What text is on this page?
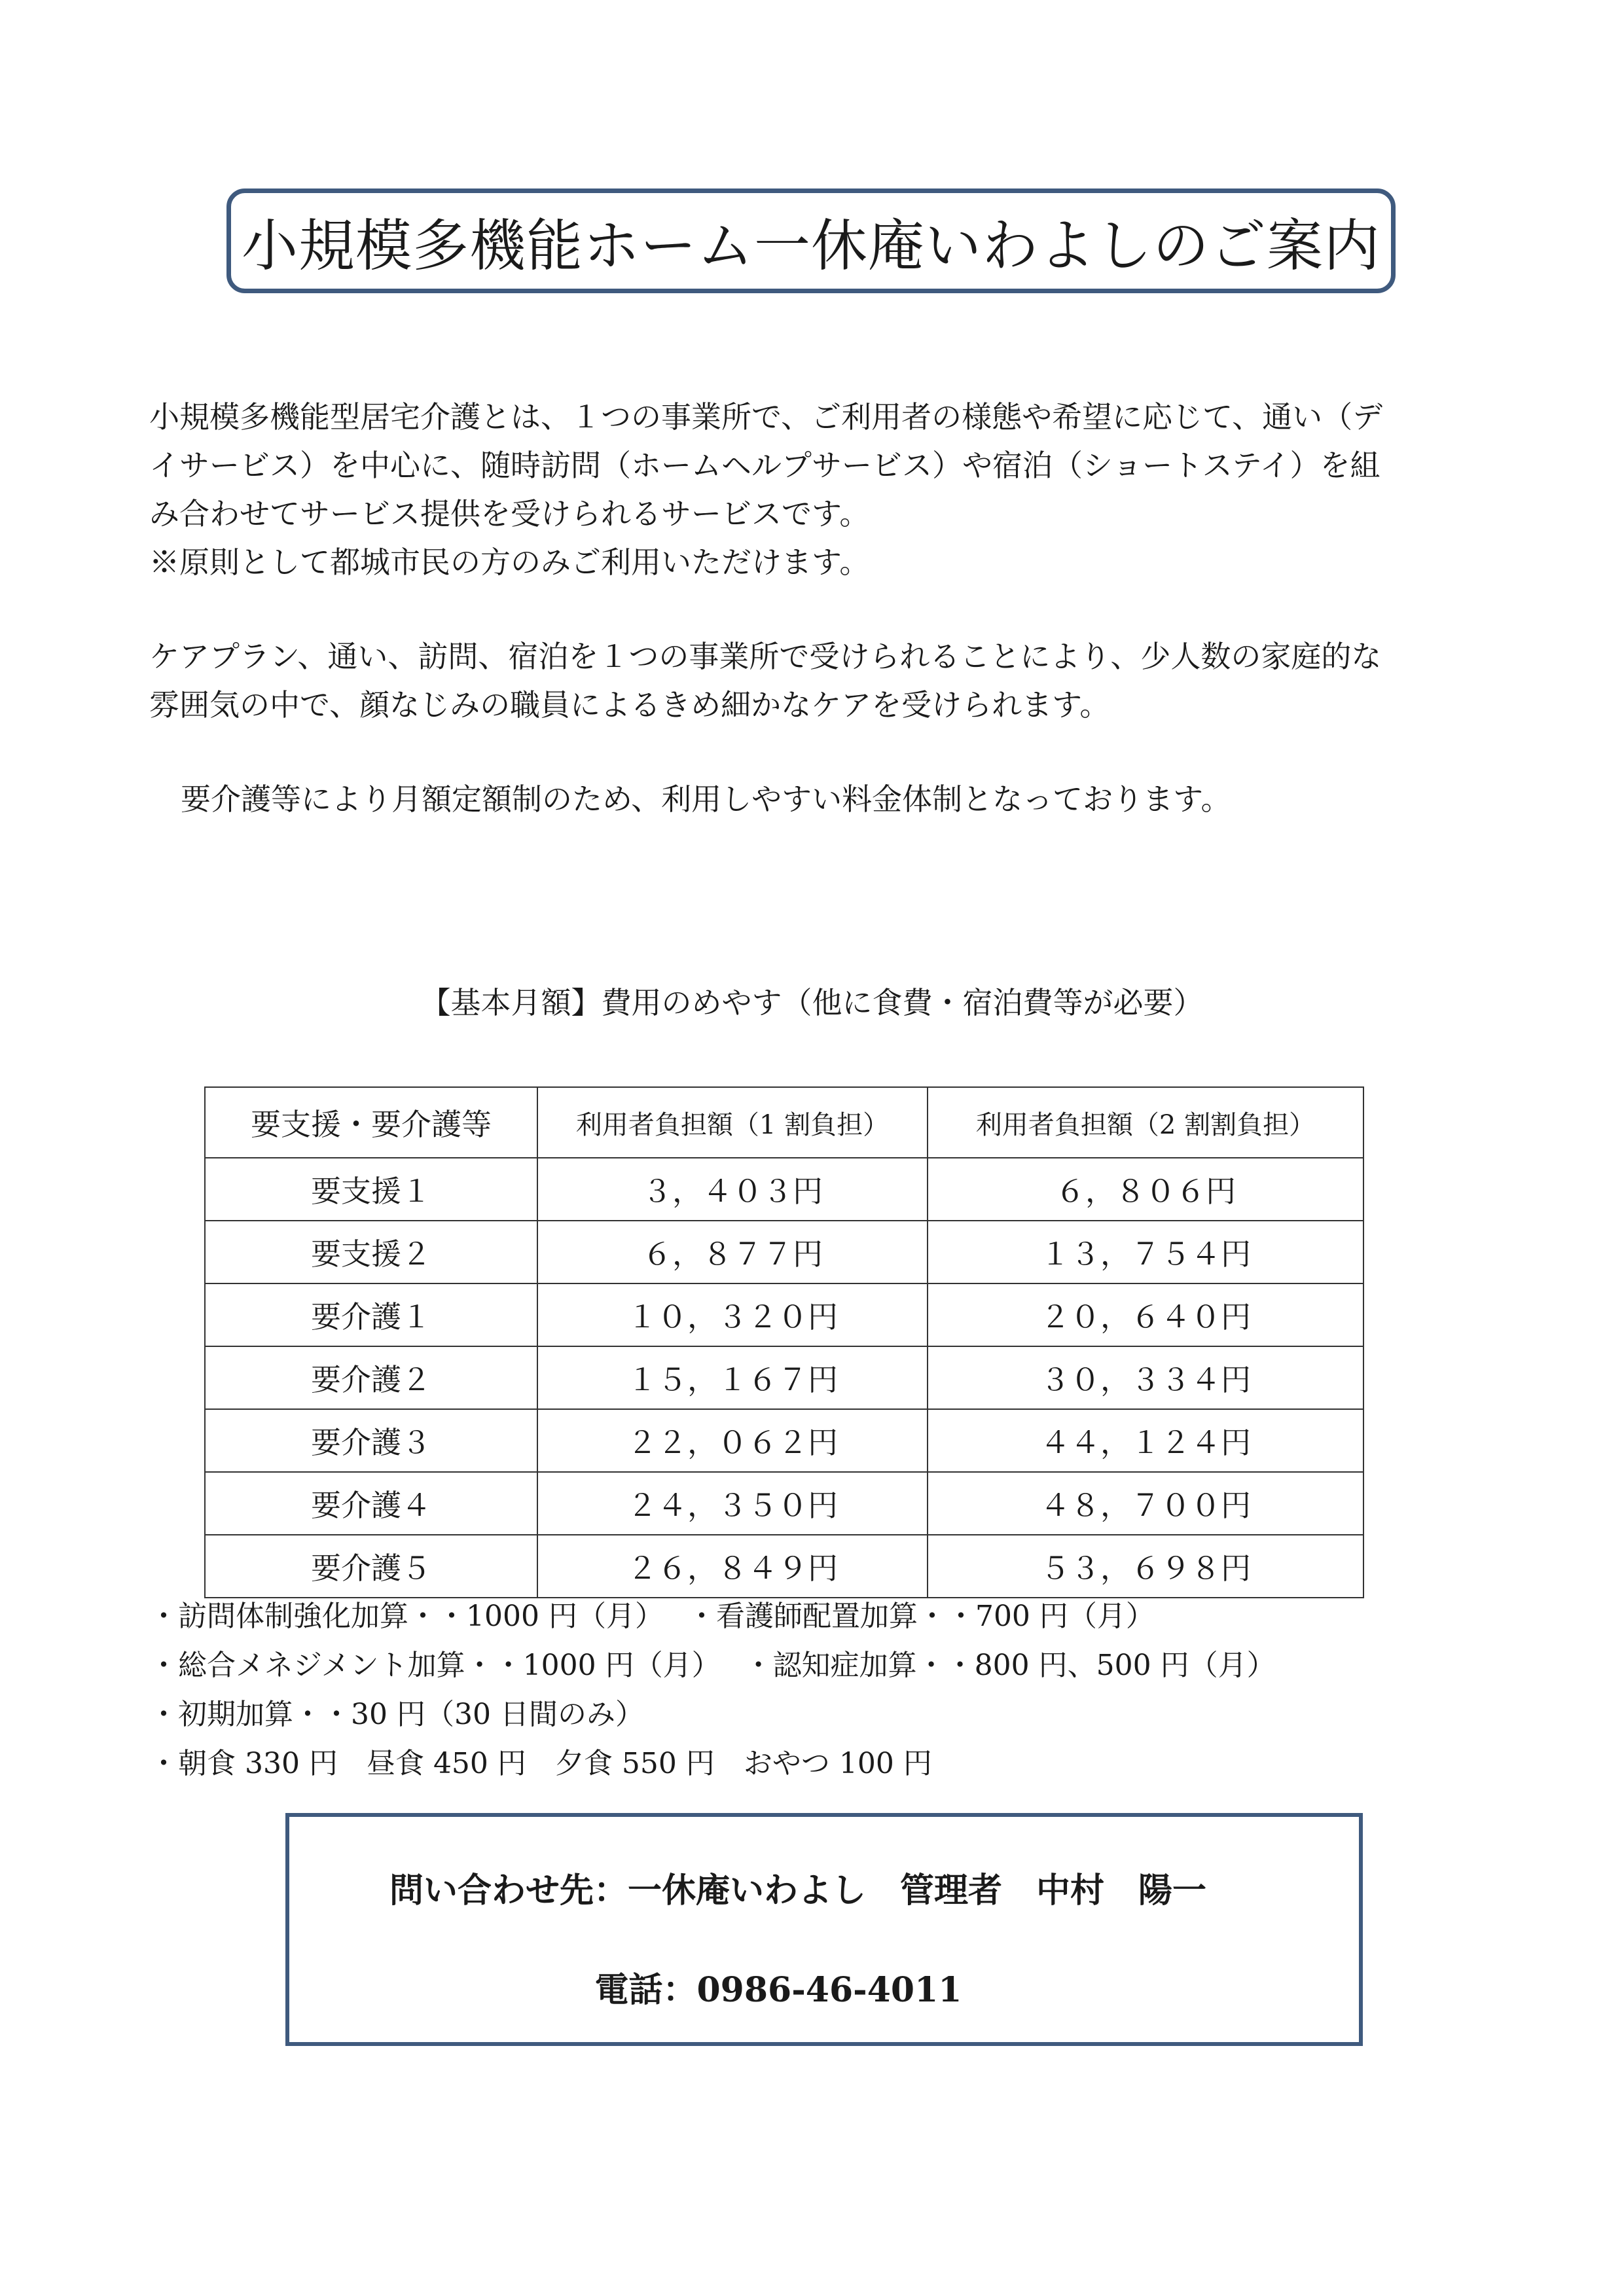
小規模多機能ホーム一休庵いわよしのご案内

小規模多機能型居宅介護とは、１つの事業所で、ご利用者の様態や希望に応じて、通い（デ

イサービス）を中心に、随時訪問（ホームヘルプサービス）や宿泊（ショートステイ）を組

み合わせてサービス提供を受けられるサービスです。

※原則として都城市民の方のみご利用いただけます。

ケアプラン、通い、訪問、宿泊を１つの事業所で受けられることにより、少人数の家庭的な

雰囲気の中で、顔なじみの職員によるきめ細かなケアを受けられます。

要介護等により月額定額制のため、利用しやすい料金体制となっております。

【基本月額】費用のめやす（他に食費・宿泊費等が必要）
要支援・要介護等	利用者負担額（1 割負担）	利用者負担額（2 割割負担）
要支援１	３，４０３円	６，８０６円
要支援２	６，８７７円	１３，７５４円
要介護１	１０，３２０円	２０，６４０円
要介護２	１５，１６７円	３０，３３４円
要介護３	２２，０６２円	４４，１２４円
要介護４	２４，３５０円	４８，７００円
要介護５	２６，８４９円	５３，６９８円
・訪問体制強化加算・・1000 円（月）　 ・看護師配置加算・・700 円（月）
・総合メネジメント加算・・1000 円（月）　 ・認知症加算・・800 円、500 円（月）
・初期加算・・30 円（30 日間のみ）
・朝食 330 円　昼食 450 円　夕食 550 円　おやつ 100 円
問い合わせ先：一休庵いわよし　管理者　中村　陽一
電話：0986-46-4011
